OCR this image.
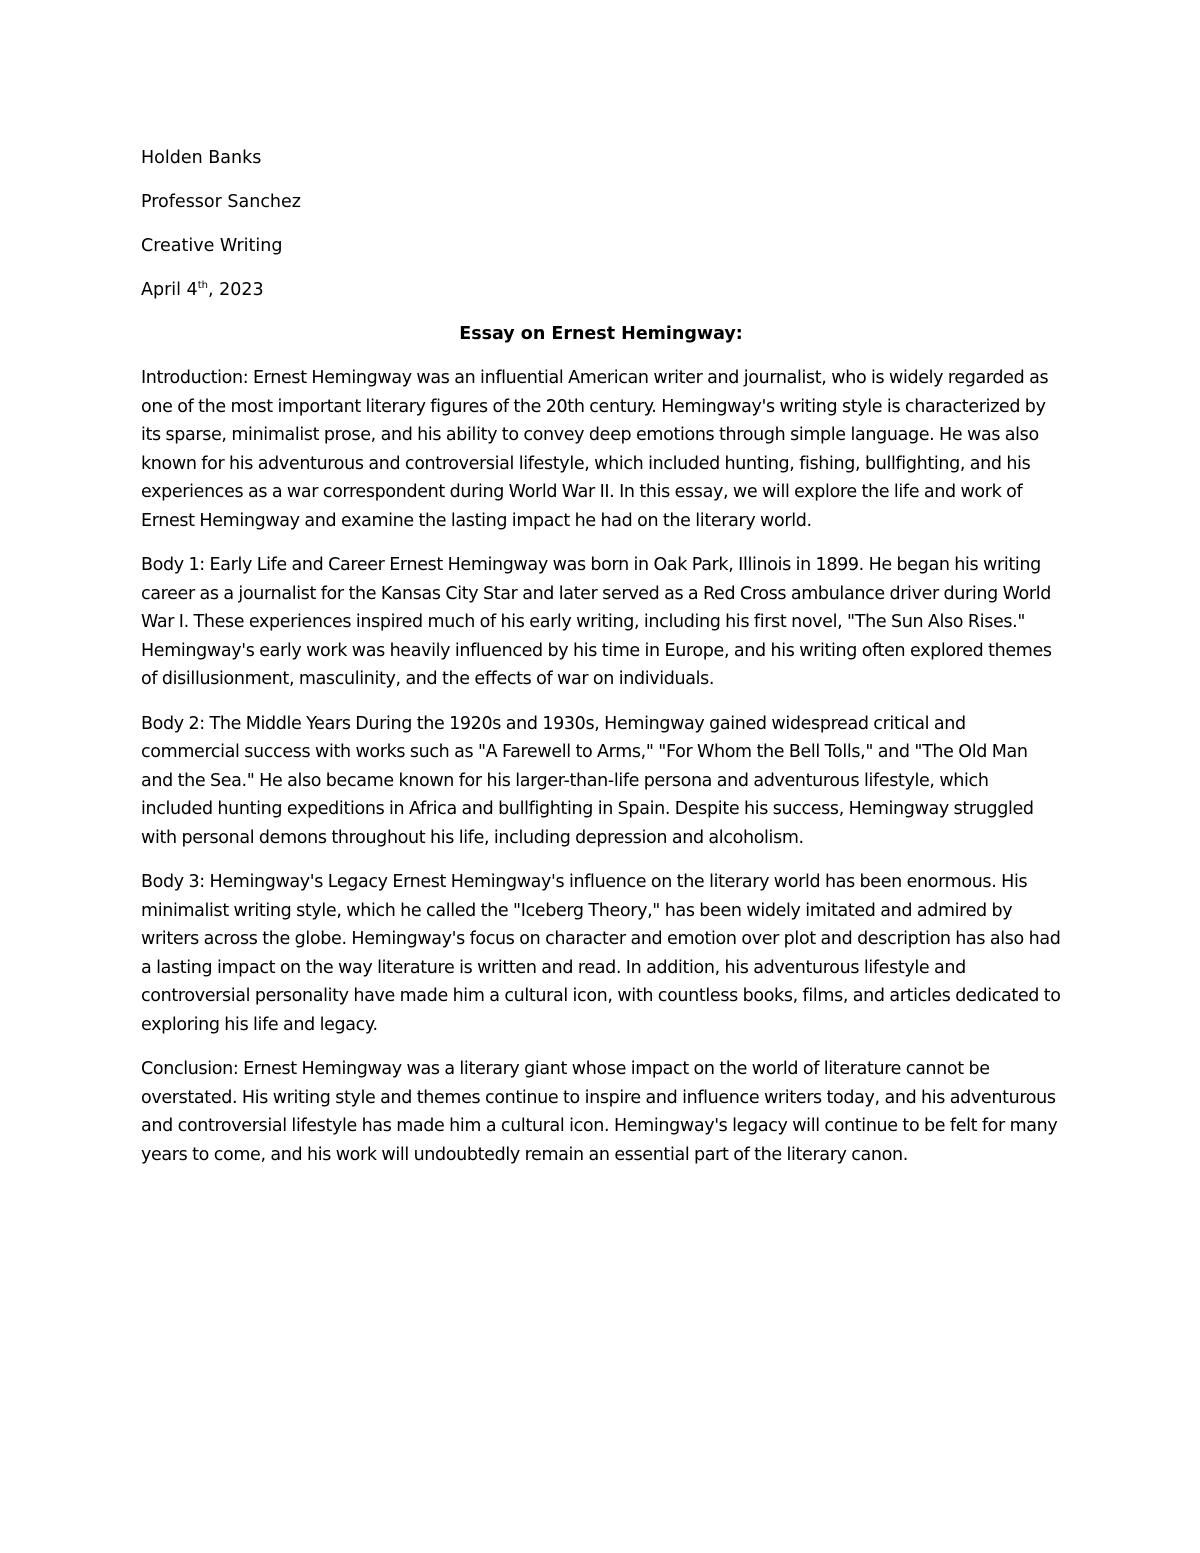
Holden Banks

Professor Sanchez

Creative Writing

April 4th, 2023

Essay on Ernest Hemingway:

Introduction: Ernest Hemingway was an influential American writer and journalist, who is widely regarded as one of the most important literary figures of the 20th century. Hemingway's writing style is characterized by its sparse, minimalist prose, and his ability to convey deep emotions through simple language. He was also known for his adventurous and controversial lifestyle, which included hunting, fishing, bullfighting, and his experiences as a war correspondent during World War II. In this essay, we will explore the life and work of Ernest Hemingway and examine the lasting impact he had on the literary world.

Body 1: Early Life and Career Ernest Hemingway was born in Oak Park, Illinois in 1899. He began his writing career as a journalist for the Kansas City Star and later served as a Red Cross ambulance driver during World War I. These experiences inspired much of his early writing, including his first novel, "The Sun Also Rises." Hemingway's early work was heavily influenced by his time in Europe, and his writing often explored themes of disillusionment, masculinity, and the effects of war on individuals.

Body 2: The Middle Years During the 1920s and 1930s, Hemingway gained widespread critical and commercial success with works such as "A Farewell to Arms," "For Whom the Bell Tolls," and "The Old Man and the Sea." He also became known for his larger-than-life persona and adventurous lifestyle, which included hunting expeditions in Africa and bullfighting in Spain. Despite his success, Hemingway struggled with personal demons throughout his life, including depression and alcoholism.

Body 3: Hemingway's Legacy Ernest Hemingway's influence on the literary world has been enormous. His minimalist writing style, which he called the "Iceberg Theory," has been widely imitated and admired by writers across the globe. Hemingway's focus on character and emotion over plot and description has also had a lasting impact on the way literature is written and read. In addition, his adventurous lifestyle and controversial personality have made him a cultural icon, with countless books, films, and articles dedicated to exploring his life and legacy.

Conclusion: Ernest Hemingway was a literary giant whose impact on the world of literature cannot be overstated. His writing style and themes continue to inspire and influence writers today, and his adventurous and controversial lifestyle has made him a cultural icon. Hemingway's legacy will continue to be felt for many years to come, and his work will undoubtedly remain an essential part of the literary canon.
